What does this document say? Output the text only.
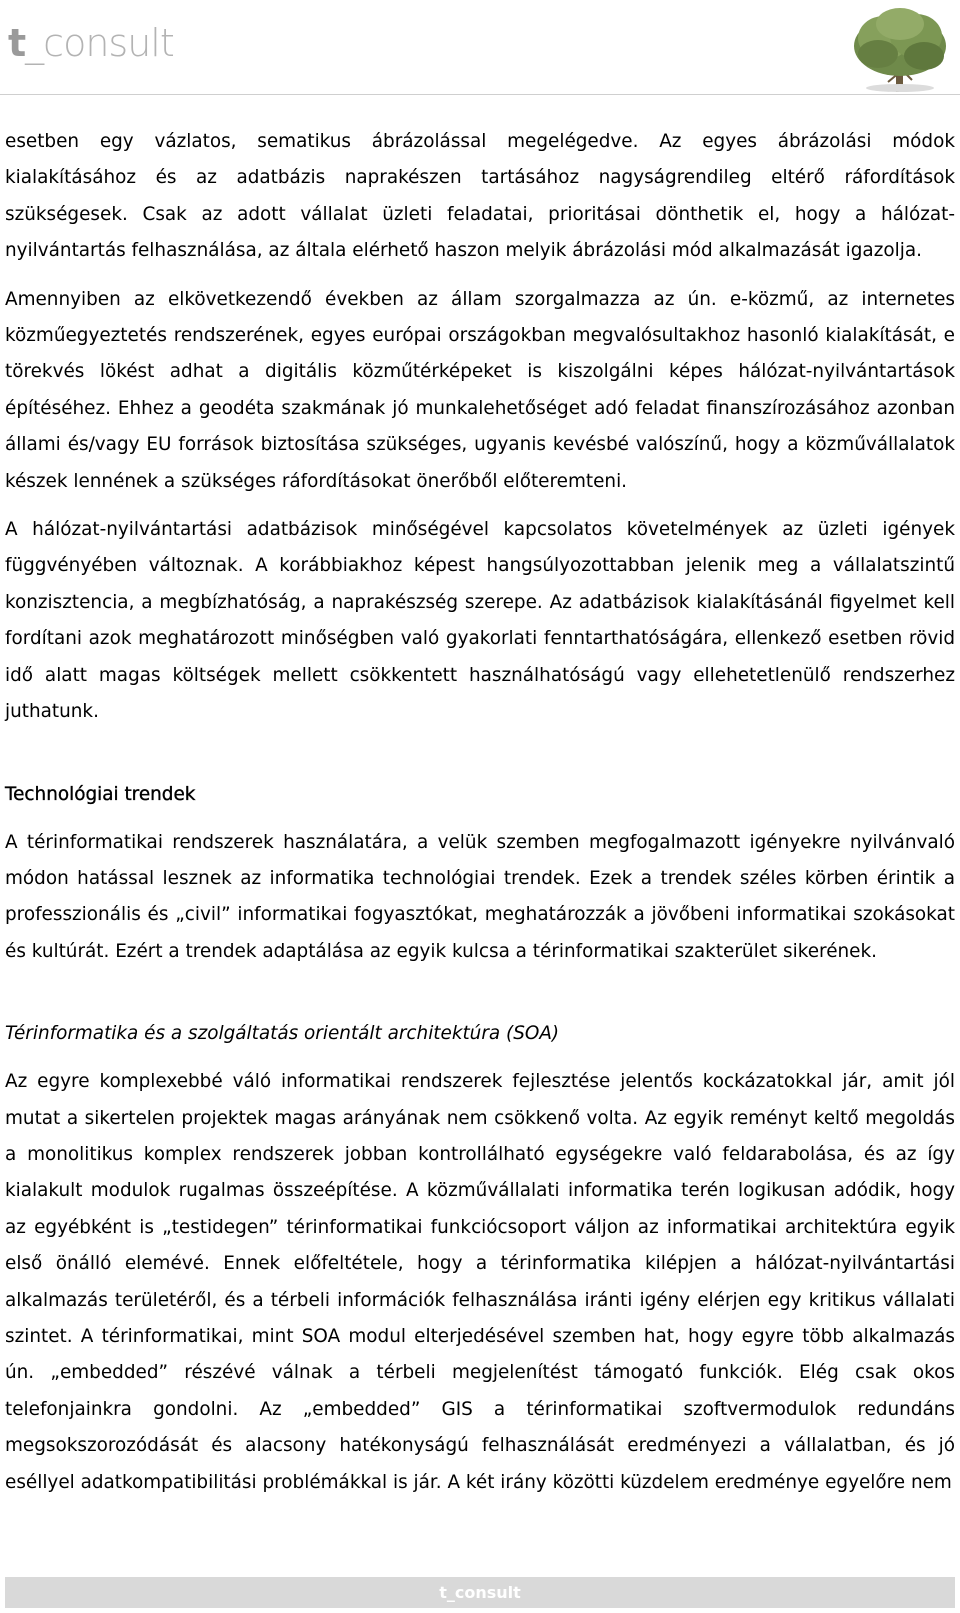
t_consult

esetben egy vázlatos, sematikus ábrázolással megelégedve. Az egyes ábrázolási módok kialakításához és az adatbázis naprakészen tartásához nagyságrendileg eltérő ráfordítások szükségesek. Csak az adott vállalat üzleti feladatai, prioritásai dönthetik el, hogy a hálózat-nyilvántartás felhasználása, az általa elérhető haszon melyik ábrázolási mód alkalmazását igazolja.

Amennyiben az elkövetkezendő években az állam szorgalmazza az ún. e-közmű, az internetes közműegyeztetés rendszerének, egyes európai országokban megvalósultakhoz hasonló kialakítását, e törekvés lökést adhat a digitális közműtérképeket is kiszolgálni képes hálózat-nyilvántartások építéséhez. Ehhez a geodéta szakmának jó munkalehetőséget adó feladat finanszírozásához azonban állami és/vagy EU források biztosítása szükséges, ugyanis kevésbé valószínű, hogy a közművállalatok készek lennének a szükséges ráfordításokat önerőből előteremteni.

A hálózat-nyilvántartási adatbázisok minőségével kapcsolatos követelmények az üzleti igények függvényében változnak. A korábbiakhoz képest hangsúlyozottabban jelenik meg a vállalatszintű konzisztencia, a megbízhatóság, a naprakészség szerepe. Az adatbázisok kialakításánál figyelmet kell fordítani azok meghatározott minőségben való gyakorlati fenntarthatóságára, ellenkező esetben rövid idő alatt magas költségek mellett csökkentett használhatóságú vagy ellehetetlenülő rendszerhez juthatunk.

Technológiai trendek

A térinformatikai rendszerek használatára, a velük szemben megfogalmazott igényekre nyilvánvaló módon hatással lesznek az informatika technológiai trendek. Ezek a trendek széles körben érintik a professzionális és „civil” informatikai fogyasztókat, meghatározzák a jövőbeni informatikai szokásokat és kultúrát. Ezért a trendek adaptálása az egyik kulcsa a térinformatikai szakterület sikerének.

Térinformatika és a szolgáltatás orientált architektúra (SOA)

Az egyre komplexebbé váló informatikai rendszerek fejlesztése jelentős kockázatokkal jár, amit jól mutat a sikertelen projektek magas arányának nem csökkenő volta. Az egyik reményt keltő megoldás a monolitikus komplex rendszerek jobban kontrollálható egységekre való feldarabolása, és az így kialakult modulok rugalmas összeépítése. A közművállalati informatika terén logikusan adódik, hogy az egyébként is „testidegen” térinformatikai funkciócsoport váljon az informatikai architektúra egyik első önálló elemévé. Ennek előfeltétele, hogy a térinformatika kilépjen a hálózat-nyilvántartási alkalmazás területéről, és a térbeli információk felhasználása iránti igény elérjen egy kritikus vállalati szintet. A térinformatikai, mint SOA modul elterjedésével szemben hat, hogy egyre több alkalmazás ún. „embedded” részévé válnak a térbeli megjelenítést támogató funkciók. Elég csak okos telefonjainkra gondolni. Az „embedded” GIS a térinformatikai szoftvermodulok redundáns megsokszorozódását és alacsony hatékonyságú felhasználását eredményezi a vállalatban, és jó eséllyel adatkompatibilitási problémákkal is jár. A két irány közötti küzdelem eredménye egyelőre nem

t_consult
